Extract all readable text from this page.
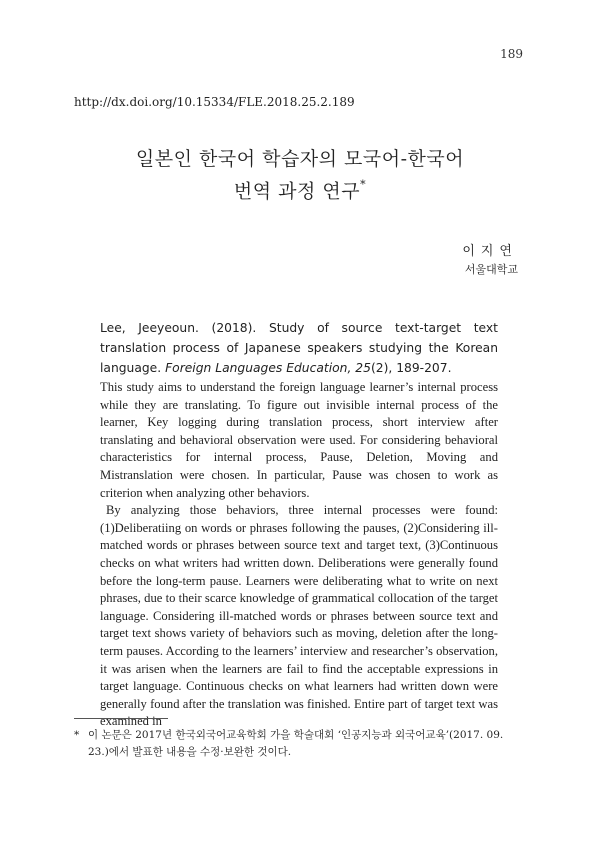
189
http://dx.doi.org/10.15334/FLE.2018.25.2.189
일본인 한국어 학습자의 모국어-한국어
번역 과정 연구*
이지연
서울대학교
Lee, Jeeyeoun. (2018). Study of source text-target text translation process of Japanese speakers studying the Korean language. Foreign Languages Education, 25(2), 189-207.

This study aims to understand the foreign language learner’s internal process while they are translating. To figure out invisible internal process of the learner, Key logging during translation process, short interview after translating and behavioral observation were used. For considering behavioral characteristics for internal process, Pause, Deletion, Moving and Mistranslation were chosen. In particular, Pause was chosen to work as criterion when analyzing other behaviors.

By analyzing those behaviors, three internal processes were found: (1)Deliberatiing on words or phrases following the pauses, (2)Considering ill-matched words or phrases between source text and target text, (3)Continuous checks on what writers had written down. Deliberations were generally found before the long-term pause. Learners were deliberating what to write on next phrases, due to their scarce knowledge of grammatical collocation of the target language. Considering ill-matched words or phrases between source text and target text shows variety of behaviors such as moving, deletion after the long-term pauses. According to the learners’ interview and researcher’s observation, it was arisen when the learners are fail to find the acceptable expressions in target language. Continuous checks on what learners had written down were generally found after the translation was finished. Entire part of target text was examined in

* 이 논문은 2017년 한국외국어교육학회 가을 학술대회 ‘인공지능과 외국어교육’(2017. 09.
23.)에서 발표한 내용을 수정·보완한 것이다.
